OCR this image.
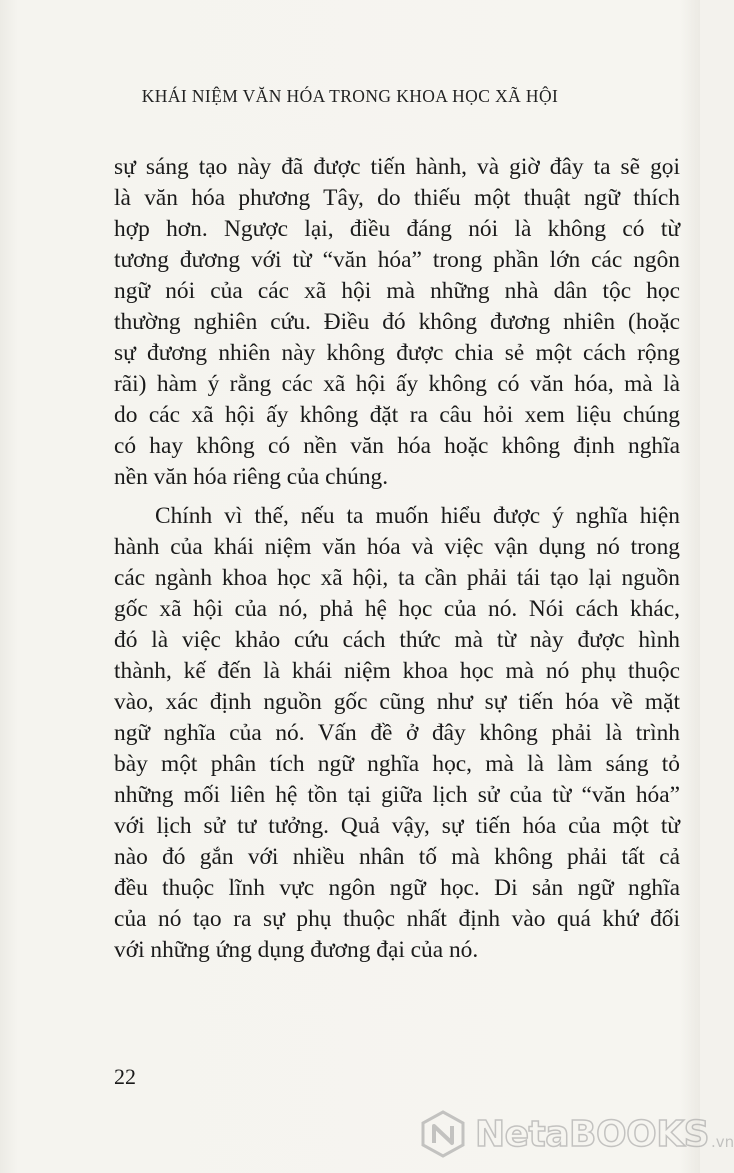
KHÁI NIỆM VĂN HÓA TRONG KHOA HỌC XÃ HỘI
sự sáng tạo này đã được tiến hành, và giờ đây ta sẽ gọi
là văn hóa phương Tây, do thiếu một thuật ngữ thích
hợp hơn. Ngược lại, điều đáng nói là không có từ
tương đương với từ “văn hóa” trong phần lớn các ngôn
ngữ nói của các xã hội mà những nhà dân tộc học
thường nghiên cứu. Điều đó không đương nhiên (hoặc
sự đương nhiên này không được chia sẻ một cách rộng
rãi) hàm ý rằng các xã hội ấy không có văn hóa, mà là
do các xã hội ấy không đặt ra câu hỏi xem liệu chúng
có hay không có nền văn hóa hoặc không định nghĩa
nền văn hóa riêng của chúng.
Chính vì thế, nếu ta muốn hiểu được ý nghĩa hiện
hành của khái niệm văn hóa và việc vận dụng nó trong
các ngành khoa học xã hội, ta cần phải tái tạo lại nguồn
gốc xã hội của nó, phả hệ học của nó. Nói cách khác,
đó là việc khảo cứu cách thức mà từ này được hình
thành, kế đến là khái niệm khoa học mà nó phụ thuộc
vào, xác định nguồn gốc cũng như sự tiến hóa về mặt
ngữ nghĩa của nó. Vấn đề ở đây không phải là trình
bày một phân tích ngữ nghĩa học, mà là làm sáng tỏ
những mối liên hệ tồn tại giữa lịch sử của từ “văn hóa”
với lịch sử tư tưởng. Quả vậy, sự tiến hóa của một từ
nào đó gắn với nhiều nhân tố mà không phải tất cả
đều thuộc lĩnh vực ngôn ngữ học. Di sản ngữ nghĩa
của nó tạo ra sự phụ thuộc nhất định vào quá khứ đối
với những ứng dụng đương đại của nó.
22
NetaBOOKS .vn
